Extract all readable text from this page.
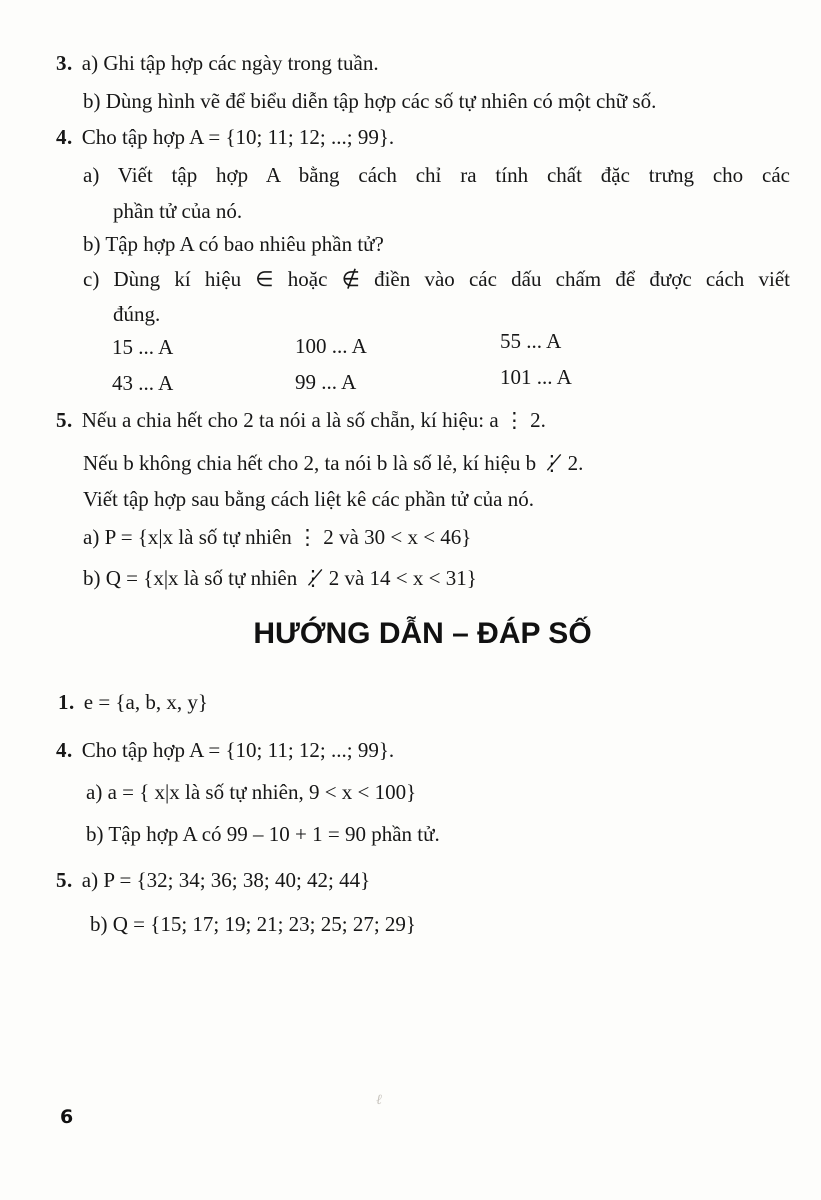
3. a) Ghi tập hợp các ngày trong tuần.
b) Dùng hình vẽ để biểu diễn tập hợp các số tự nhiên có một chữ số.
4. Cho tập hợp A = {10; 11; 12; ...; 99}.
a) Viết tập hợp A bằng cách chỉ ra tính chất đặc trưng cho các
phần tử của nó.
b) Tập hợp A có bao nhiêu phần tử?
c) Dùng kí hiệu ∈ hoặc ∉ điền vào các dấu chấm để được cách viết
đúng.
15 ... A	100 ... A	55 ... A
43 ... A	99 ... A	101 ... A
5. Nếu a chia hết cho 2 ta nói a là số chẵn, kí hiệu: a ⋮ 2.
Nếu b không chia hết cho 2, ta nói b là số lẻ, kí hiệu b ⋮̸ 2.
Viết tập hợp sau bằng cách liệt kê các phần tử của nó.
a) P = {x|x là số tự nhiên ⋮ 2 và 30 < x < 46}
b) Q = {x|x là số tự nhiên ⋮̸ 2 và 14 < x < 31}
HƯỚNG DẪN – ĐÁP SỐ
1. e = {a, b, x, y}
4. Cho tập hợp A = {10; 11; 12; ...; 99}.
a) a = { x|x là số tự nhiên, 9 < x < 100}
b) Tập hợp A có 99 – 10 + 1 = 90 phần tử.
5. a) P = {32; 34; 36; 38; 40; 42; 44}
b) Q = {15; 17; 19; 21; 23; 25; 27; 29}
ℓ
6
